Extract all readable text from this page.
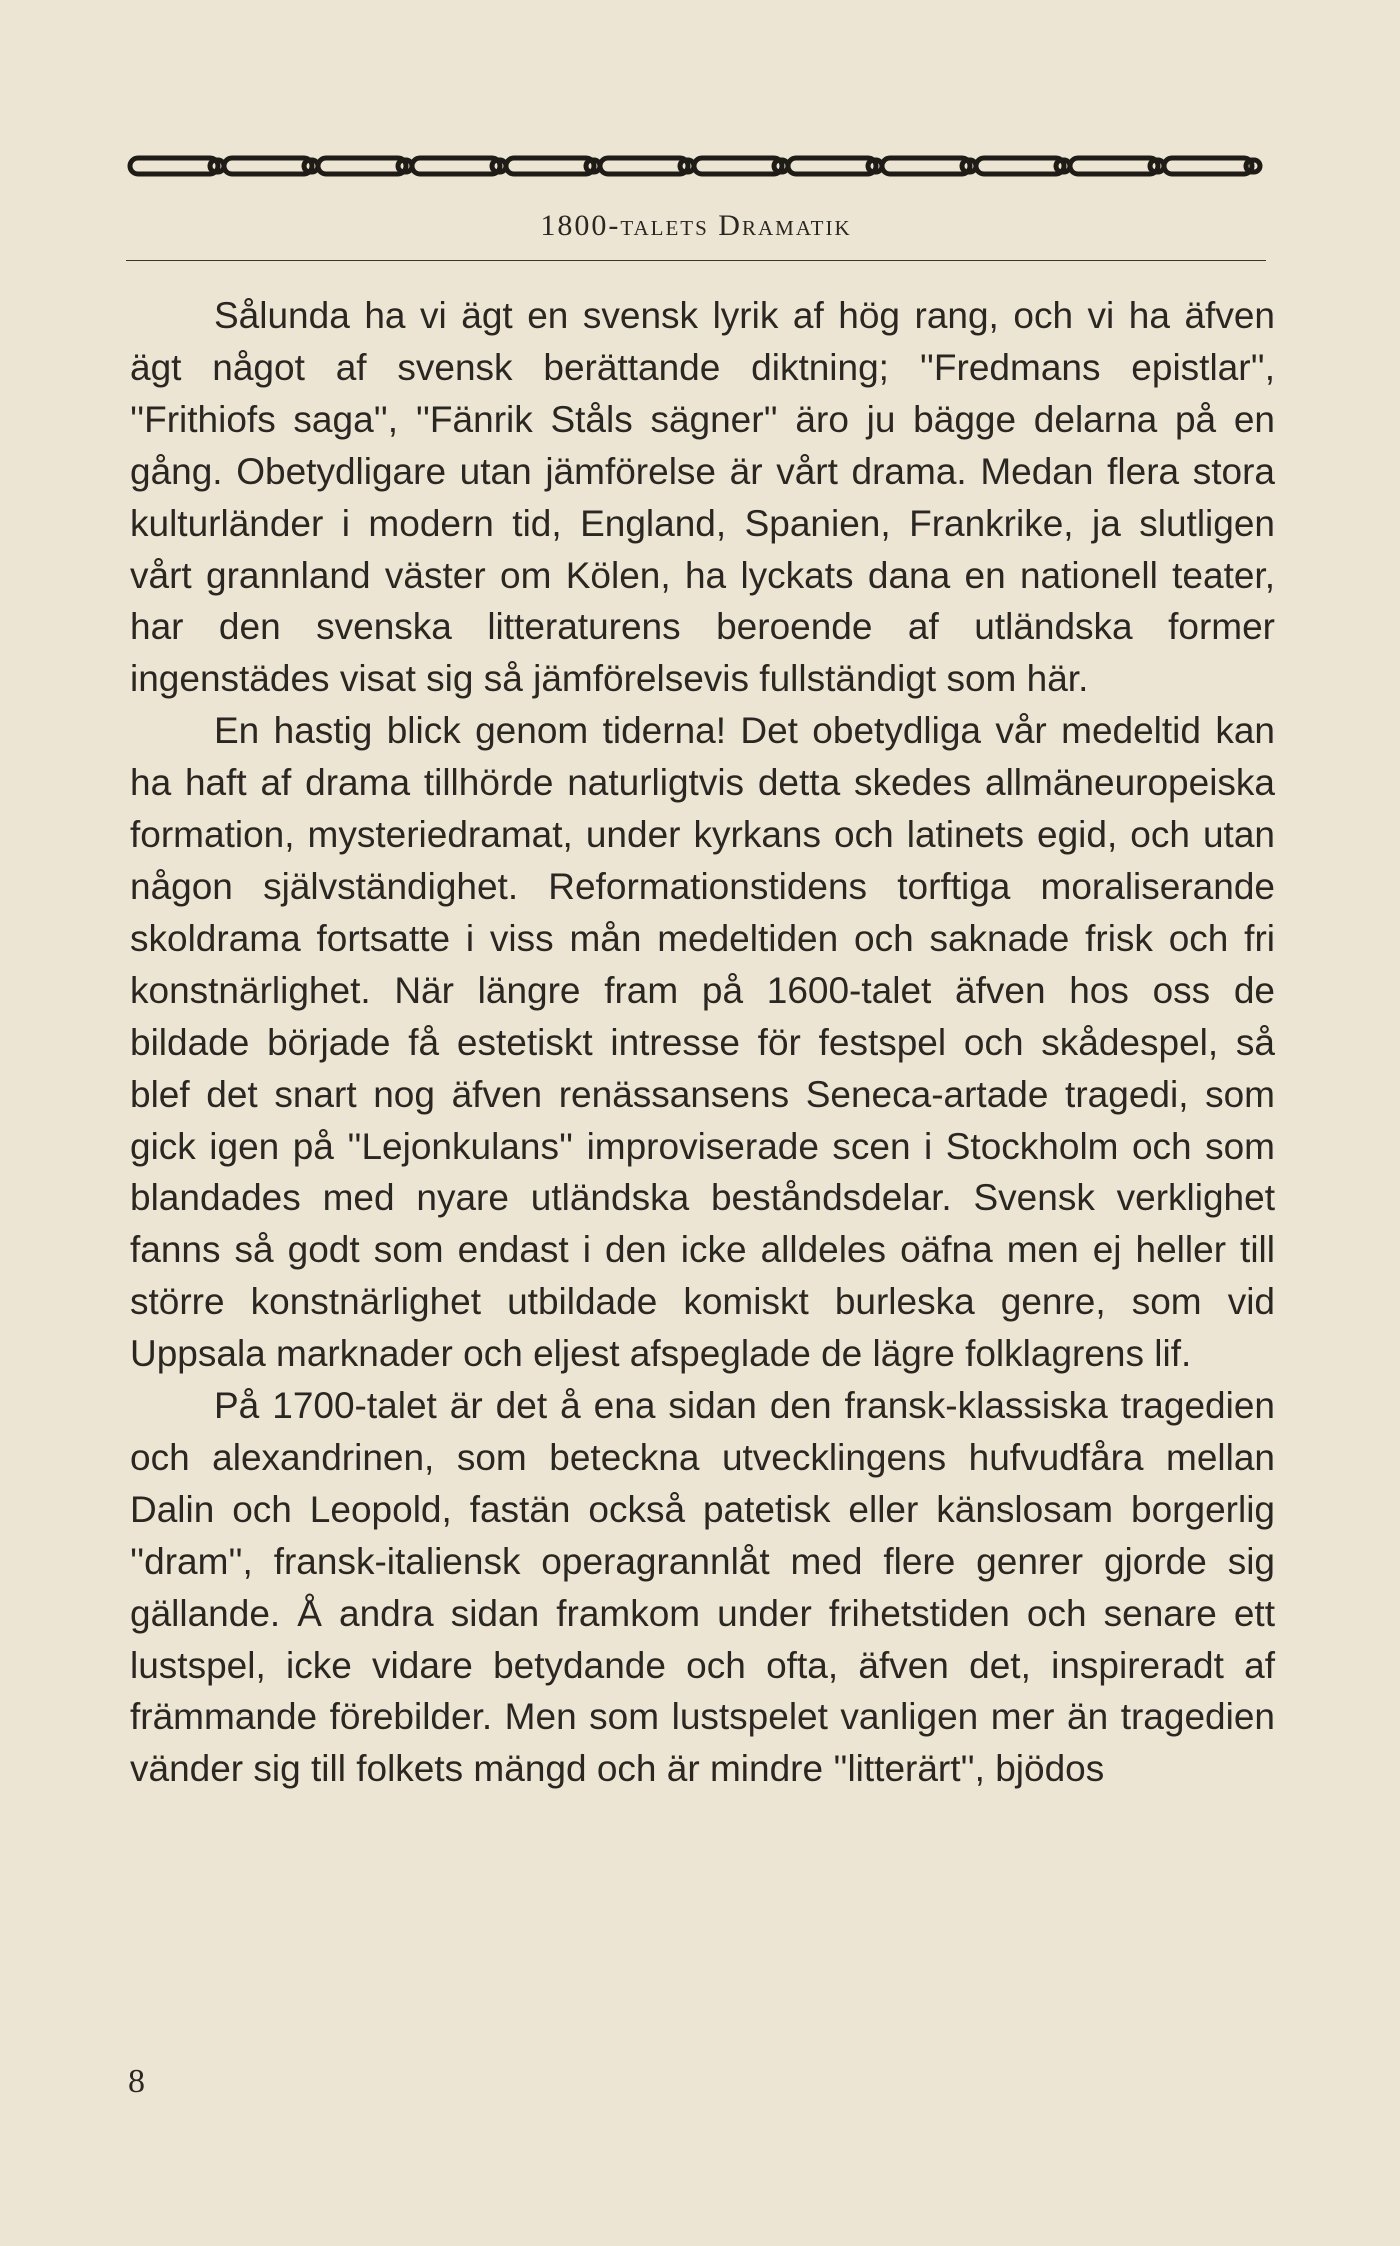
1800-talets Dramatik

Sålunda ha vi ägt en svensk lyrik af hög rang, och vi ha äfven ägt något af svensk berättande diktning; ''Fredmans epistlar'', ''Frithiofs saga'', ''Fänrik Ståls sägner'' äro ju bägge delarna på en gång. Obetydligare utan jämförelse är vårt drama. Medan flera stora kulturländer i modern tid, England, Spanien, Frankrike, ja slutligen vårt grannland väster om Kölen, ha lyckats dana en nationell teater, har den svenska litteraturens beroende af utländska former ingenstädes visat sig så jämförelsevis fullständigt som här.

En hastig blick genom tiderna! Det obetydliga vår medeltid kan ha haft af drama tillhörde naturligtvis detta skedes allmäneuropeiska formation, mysteriedramat, under kyrkans och latinets egid, och utan någon självständighet. Reformationstidens torftiga moraliserande skoldrama fortsatte i viss mån medeltiden och saknade frisk och fri konstnärlighet. När längre fram på 1600-talet äfven hos oss de bildade började få estetiskt intresse för festspel och skådespel, så blef det snart nog äfven renässansens Seneca-artade tragedi, som gick igen på ''Lejonkulans'' improviserade scen i Stockholm och som blandades med nyare utländska beståndsdelar. Svensk verklighet fanns så godt som endast i den icke alldeles oäfna men ej heller till större konstnärlighet utbildade komiskt burleska genre, som vid Uppsala marknader och eljest afspeglade de lägre folklagrens lif.

På 1700-talet är det å ena sidan den fransk-klassiska tragedien och alexandrinen, som beteckna utvecklingens hufvudfåra mellan Dalin och Leopold, fastän också patetisk eller känslosam borgerlig ''dram'', fransk-italiensk operagrannlåt med flere genrer gjorde sig gällande. Å andra sidan framkom under frihetstiden och senare ett lustspel, icke vidare betydande och ofta, äfven det, inspireradt af främmande förebilder. Men som lustspelet vanligen mer än tragedien vänder sig till folkets mängd och är mindre ''litterärt'', bjödos

8
